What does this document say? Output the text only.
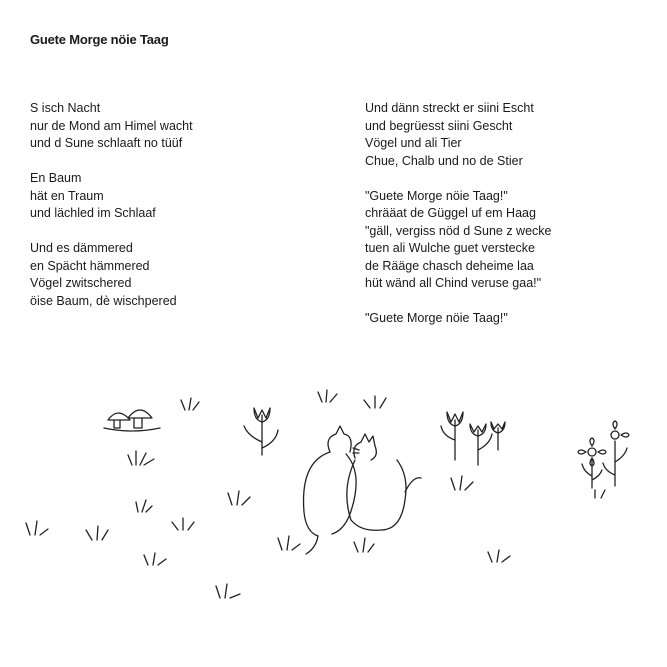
Guete Morge nöie Taag
S isch Nacht
nur de Mond am Himel wacht
und d Sune schlaaft no tüüf
En Baum
hät en Traum
und lächled im Schlaaf
Und es dämmered
en Spächt hämmered
Vögel zwitschered
öise Baum, dè wischpered
Und dänn streckt er siini Escht
und begrüesst siini Gescht
Vögel und ali Tier
Chue, Chalb und no de Stier
"Guete Morge nöie Taag!"
chrääat de Güggel uf em Haag
"gäll, vergiss nöd d Sune z wecke
tuen ali Wulche guet verstecke
de Rääge chasch deheime laa
hüt wänd all Chind veruse gaa!"
"Guete Morge nöie Taag!"
